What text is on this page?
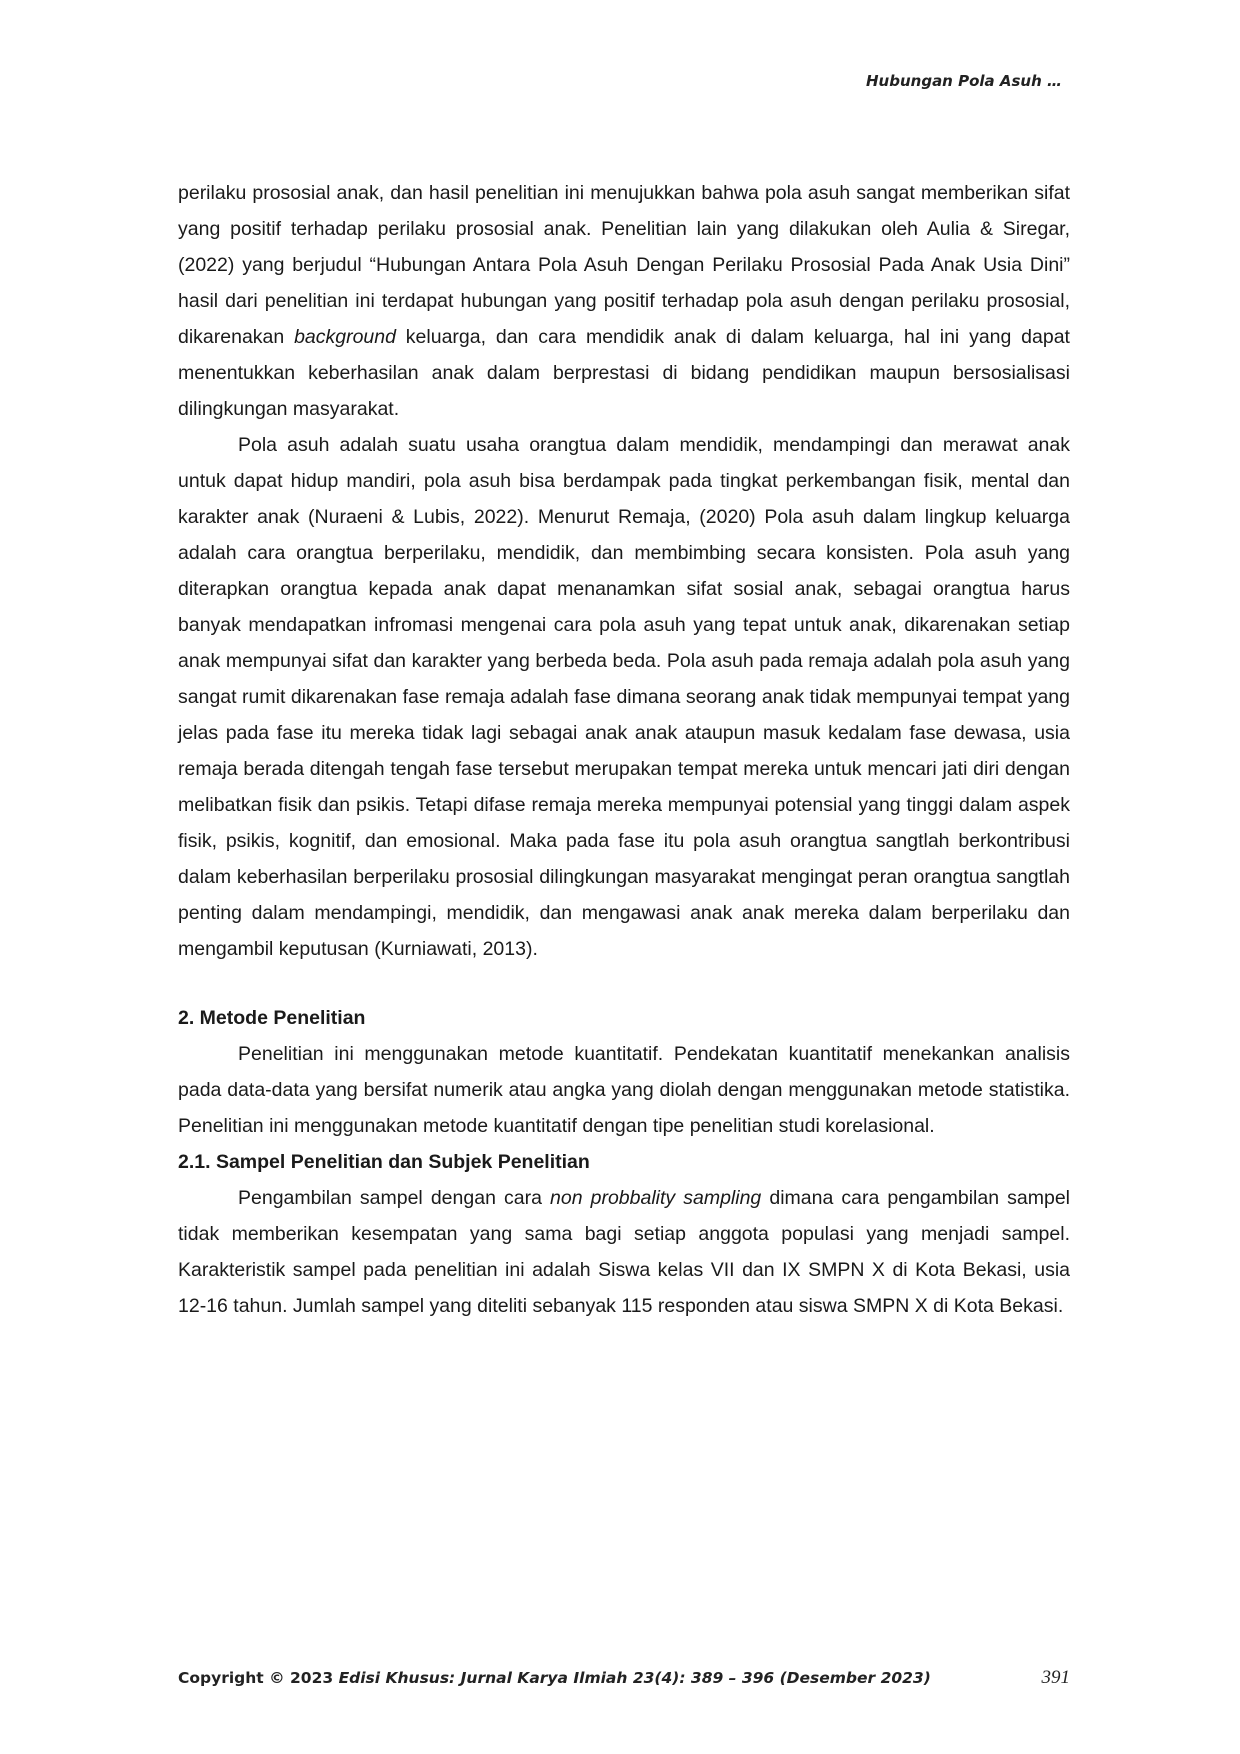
Hubungan Pola Asuh …

perilaku prososial anak, dan hasil penelitian ini menujukkan bahwa pola asuh sangat memberikan sifat yang positif terhadap perilaku prososial anak. Penelitian lain yang dilakukan oleh Aulia & Siregar, (2022) yang berjudul “Hubungan Antara Pola Asuh Dengan Perilaku Prososial Pada Anak Usia Dini” hasil dari penelitian ini terdapat hubungan yang positif terhadap pola asuh dengan perilaku prososial, dikarenakan background keluarga, dan cara mendidik anak di dalam keluarga, hal ini yang dapat menentukkan keberhasilan anak dalam berprestasi di bidang pendidikan maupun bersosialisasi dilingkungan masyarakat.

Pola asuh adalah suatu usaha orangtua dalam mendidik, mendampingi dan merawat anak untuk dapat hidup mandiri, pola asuh bisa berdampak pada tingkat perkembangan fisik, mental dan karakter anak (Nuraeni & Lubis, 2022). Menurut Remaja, (2020) Pola asuh dalam lingkup keluarga adalah cara orangtua berperilaku, mendidik, dan membimbing secara konsisten. Pola asuh yang diterapkan orangtua kepada anak dapat menanamkan sifat sosial anak, sebagai orangtua harus banyak mendapatkan infromasi mengenai cara pola asuh yang tepat untuk anak, dikarenakan setiap anak mempunyai sifat dan karakter yang berbeda beda. Pola asuh pada remaja adalah pola asuh yang sangat rumit dikarenakan fase remaja adalah fase dimana seorang anak tidak mempunyai tempat yang jelas pada fase itu mereka tidak lagi sebagai anak anak ataupun masuk kedalam fase dewasa, usia remaja berada ditengah tengah fase tersebut merupakan tempat mereka untuk mencari jati diri dengan melibatkan fisik dan psikis. Tetapi difase remaja mereka mempunyai potensial yang tinggi dalam aspek fisik, psikis, kognitif, dan emosional. Maka pada fase itu pola asuh orangtua sangtlah berkontribusi dalam keberhasilan berperilaku prososial dilingkungan masyarakat mengingat peran orangtua sangtlah penting dalam mendampingi, mendidik, dan mengawasi anak anak mereka dalam berperilaku dan mengambil keputusan (Kurniawati, 2013).

2. Metode Penelitian

Penelitian ini menggunakan metode kuantitatif. Pendekatan kuantitatif menekankan analisis pada data-data yang bersifat numerik atau angka yang diolah dengan menggunakan metode statistika. Penelitian ini menggunakan metode kuantitatif dengan tipe penelitian studi korelasional.

2.1. Sampel Penelitian dan Subjek Penelitian

Pengambilan sampel dengan cara non probbality sampling dimana cara pengambilan sampel tidak memberikan kesempatan yang sama bagi setiap anggota populasi yang menjadi sampel. Karakteristik sampel pada penelitian ini adalah Siswa kelas VII dan IX SMPN X di Kota Bekasi, usia 12-16 tahun. Jumlah sampel yang diteliti sebanyak 115 responden atau siswa SMPN X di Kota Bekasi.

Copyright © 2023 Edisi Khusus: Jurnal Karya Ilmiah 23(4): 389 – 396 (Desember 2023)	391
